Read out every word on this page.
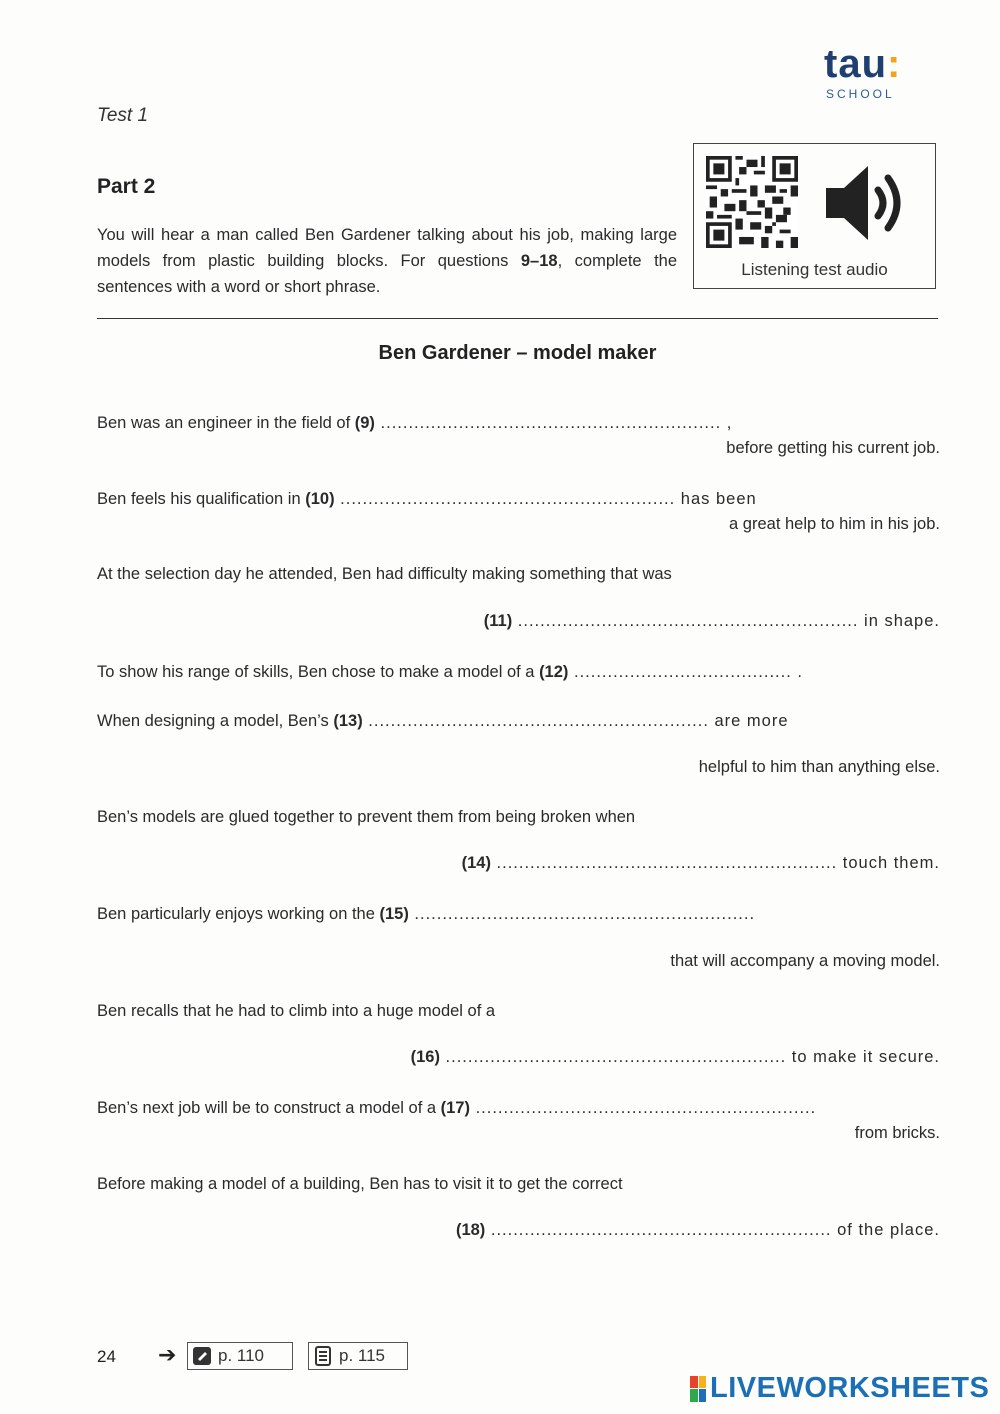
tau:
SCHOOL
Test 1
Part 2
You will hear a man called Ben Gardener talking about his job, making large models from plastic building blocks. For questions 9–18, complete the sentences with a word or short phrase.
Listening test audio
Ben Gardener – model maker
Ben was an engineer in the field of (9) ............................................................. ,
before getting his current job.
Ben feels his qualification in (10) ............................................................ has been
a great help to him in his job.
At the selection day he attended, Ben had difficulty making something that was
(11) ............................................................. in shape.
To show his range of skills, Ben chose to make a model of a (12) ....................................... .
When designing a model, Ben’s (13) ............................................................. are more
helpful to him than anything else.
Ben’s models are glued together to prevent them from being broken when
(14) ............................................................. touch them.
Ben particularly enjoys working on the (15) .............................................................
that will accompany a moving model.
Ben recalls that he had to climb into a huge model of a
(16) ............................................................. to make it secure.
Ben’s next job will be to construct a model of a (17) .............................................................
from bricks.
Before making a model of a building, Ben has to visit it to get the correct
(18) ............................................................. of the place.
24 ➔ p. 110	p. 115
LIVEWORKSHEETS
